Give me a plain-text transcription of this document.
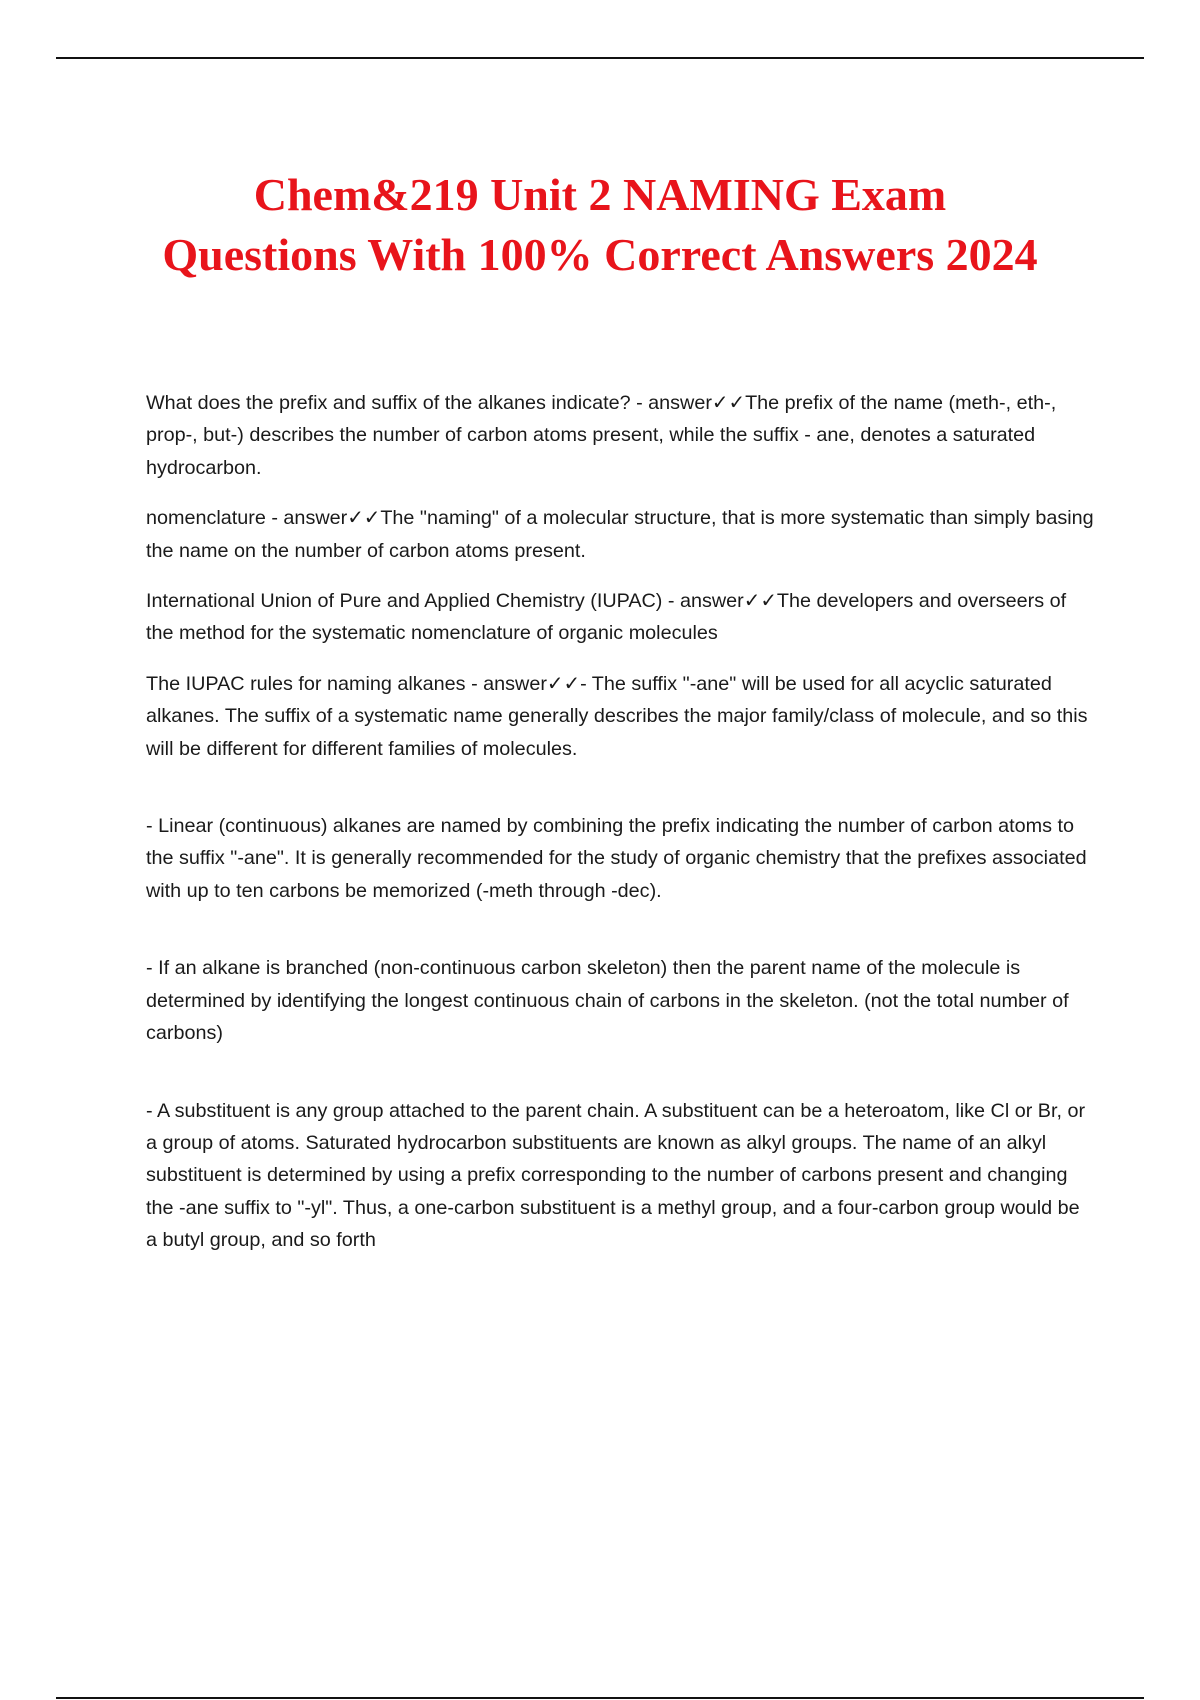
Chem&219 Unit 2 NAMING Exam
Questions With 100% Correct Answers 2024

What does the prefix and suffix of the alkanes indicate? - answer✓✓The prefix of the name (meth-, eth-, prop-, but-) describes the number of carbon atoms present, while the suffix - ane, denotes a saturated hydrocarbon.

nomenclature - answer✓✓The "naming" of a molecular structure, that is more systematic than simply basing the name on the number of carbon atoms present.

International Union of Pure and Applied Chemistry (IUPAC) - answer✓✓The developers and overseers of the method for the systematic nomenclature of organic molecules

The IUPAC rules for naming alkanes - answer✓✓- The suffix "-ane" will be used for all acyclic saturated alkanes. The suffix of a systematic name generally describes the major family/class of molecule, and so this will be different for different families of molecules.

- Linear (continuous) alkanes are named by combining the prefix indicating the number of carbon atoms to the suffix "-ane". It is generally recommended for the study of organic chemistry that the prefixes associated with up to ten carbons be memorized (-meth through -dec).

- If an alkane is branched (non-continuous carbon skeleton) then the parent name of the molecule is determined by identifying the longest continuous chain of carbons in the skeleton. (not the total number of carbons)

- A substituent is any group attached to the parent chain. A substituent can be a heteroatom, like Cl or Br, or a group of atoms. Saturated hydrocarbon substituents are known as alkyl groups. The name of an alkyl substituent is determined by using a prefix corresponding to the number of carbons present and changing the -ane suffix to "-yl". Thus, a one-carbon substituent is a methyl group, and a four-carbon group would be a butyl group, and so forth
